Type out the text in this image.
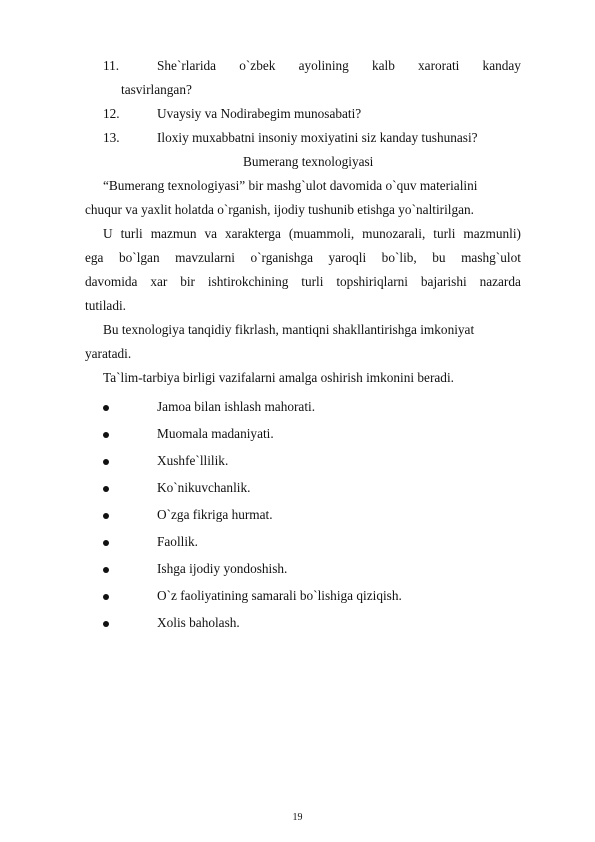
11.	She`rlarida o`zbek ayolining kalb xarorati kanday
tasvirlangan?
12.	Uvaysiy va Nodirabegim munosabati?
13.	Iloxiy muxabbatni insoniy moxiyatini siz kanday tushunasi?
Bumerang texnologiyasi
“Bumerang texnologiyasi” bir mashg`ulot davomida o`quv materialini
chuqur va yaxlit holatda o`rganish, ijodiy tushunib etishga yo`naltirilgan.
U turli mazmun va xarakterga (muammoli, munozarali, turli mazmunli)
ega bo`lgan mavzularni o`rganishga yaroqli bo`lib, bu mashg`ulot
davomida xar bir ishtirokchining turli topshiriqlarni bajarishi nazarda
tutiladi.
Bu texnologiya tanqidiy fikrlash, mantiqni shakllantirishga imkoniyat
yaratadi.
Ta`lim-tarbiya birligi vazifalarni amalga oshirish imkonini beradi.
Jamoa bilan ishlash mahorati.
Muomala madaniyati.
Xushfe`llilik.
Ko`nikuvchanlik.
O`zga fikriga hurmat.
Faollik.
Ishga ijodiy yondoshish.
O`z faoliyatining samarali bo`lishiga qiziqish.
Xolis baholash.
19
